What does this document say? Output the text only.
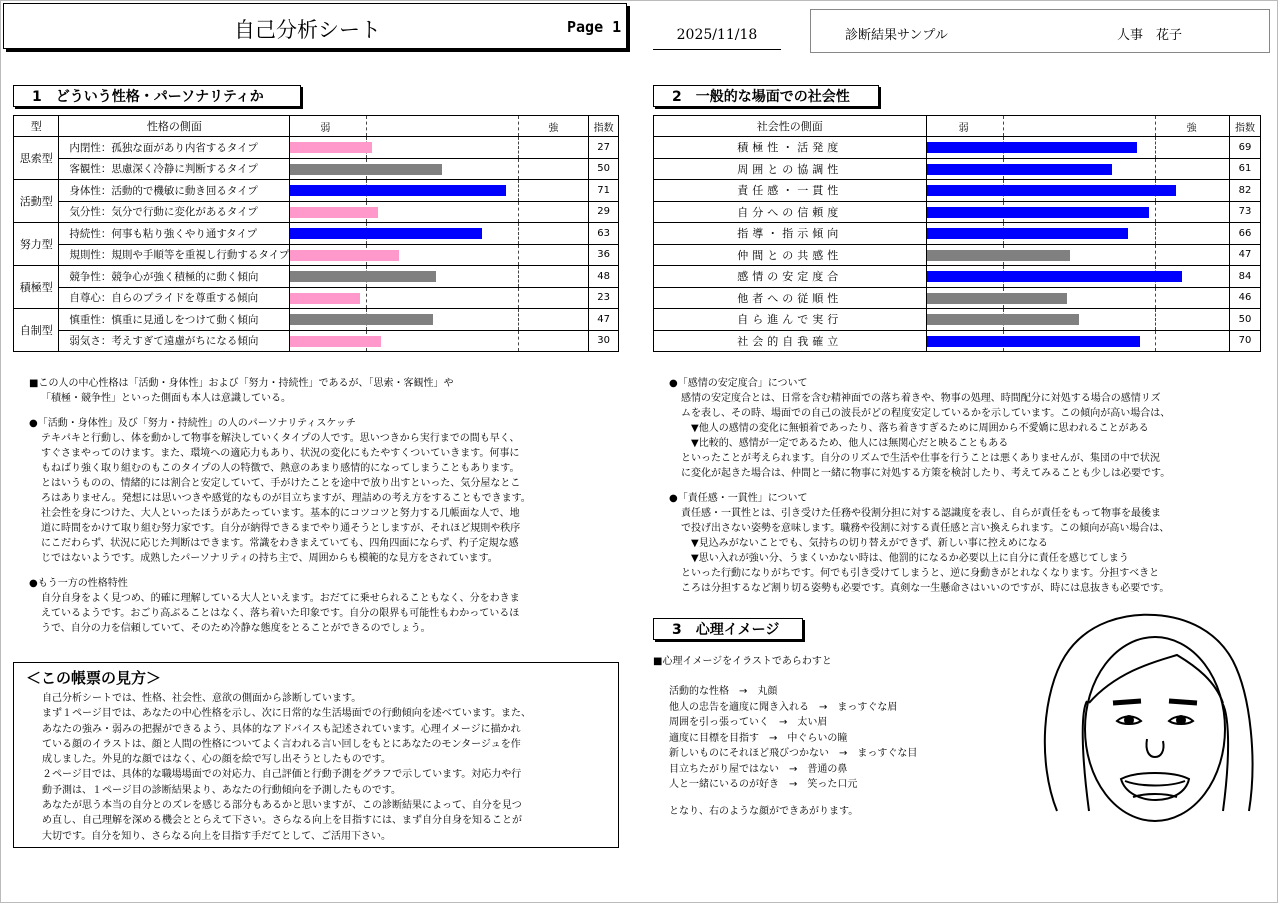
自己分析シート	Page 1	2025/11/18	診断結果サンプル	人事　花子
1　どういう性格・パーソナリティか
型	性格の側面	弱 強	指数
思索型	内閉性：孤独な面があり内省するタイプ		27
	客観性：思慮深く冷静に判断するタイプ		50
活動型	身体性：活動的で機敏に動き回るタイプ		71
	気分性：気分で行動に変化があるタイプ		29
努力型	持続性：何事も粘り強くやり通すタイプ		63
	規則性：規則や手順等を重視し行動するタイプ		36
積極型	競争性：競争心が強く積極的に動く傾向		48
	自尊心：自らのプライドを尊重する傾向		23
自制型	慎重性：慎重に見通しをつけて動く傾向		47
	弱気さ：考えすぎて遠慮がちになる傾向		30
■この人の中心性格は「活動・身体性」および「努力・持続性」であるが、「思索・客観性」や
「積極・競争性」といった側面も本人は意識している。
●「活動・身体性」及び「努力・持続性」の人のパーソナリティスケッチ
テキパキと行動し、体を動かして物事を解決していくタイプの人です。思いつきから実行までの間も早く、
すぐさまやってのけます。また、環境への適応力もあり、状況の変化にもたやすくついていきます。何事に
もねばり強く取り組むのもこのタイプの人の特徴で、熱意のあまり感情的になってしまうこともあります。
とはいうものの、情緒的には割合と安定していて、手がけたことを途中で放り出すといった、気分屋なとこ
ろはありません。発想には思いつきや感覚的なものが目立ちますが、理詰めの考え方をすることもできます。
社会性を身につけた、大人といったほうがあたっています。基本的にコツコツと努力する几帳面な人で、地
道に時間をかけて取り組む努力家です。自分が納得できるまでやり通そうとしますが、それほど規則や秩序
にこだわらず、状況に応じた判断はできます。常識をわきまえていても、四角四面にならず、杓子定規な感
じではないようです。成熟したパーソナリティの持ち主で、周囲からも模範的な見方をされています。
●もう一方の性格特性
自分自身をよく見つめ、的確に理解している大人といえます。おだてに乗せられることもなく、分をわきま
えているようです。おごり高ぶることはなく、落ち着いた印象です。自分の限界も可能性もわかっているほ
うで、自分の力を信頼していて、そのため冷静な態度をとることができるのでしょう。
＜この帳票の見方＞
自己分析シートでは、性格、社会性、意欲の側面から診断しています。
まず１ページ目では、あなたの中心性格を示し、次に日常的な生活場面での行動傾向を述べています。また、
あなたの強み・弱みの把握ができるよう、具体的なアドバイスも記述されています。心理イメージに描かれ
ている顔のイラストは、顔と人間の性格についてよく言われる言い回しをもとにあなたのモンタージュを作
成しました。外見的な顔ではなく、心の顔を絵で写し出そうとしたものです。
２ページ目では、具体的な職場場面での対応力、自己評価と行動予測をグラフで示しています。対応力や行
動予測は、１ページ目の診断結果より、あなたの行動傾向を予測したものです。
あなたが思う本当の自分とのズレを感じる部分もあるかと思いますが、この診断結果によって、自分を見つ
め直し、自己理解を深める機会ととらえて下さい。さらなる向上を目指すには、まず自分自身を知ることが
大切です。自分を知り、さらなる向上を目指す手だてとして、ご活用下さい。
2　一般的な場面での社会性
社会性の側面	弱 強	指数
積極性・活発度		69
周囲との協調性		61
責任感・一貫性		82
自分への信頼度		73
指導・指示傾向		66
仲間との共感性		47
感情の安定度合		84
他者への従順性		46
自ら進んで実行		50
社会的自我確立		70
●「感情の安定度合」について
感情の安定度合とは、日常を含む精神面での落ち着きや、物事の処理、時間配分に対処する場合の感情リズ
ムを表し、その時、場面での自己の波長がどの程度安定しているかを示しています。この傾向が高い場合は、
　▼他人の感情の変化に無頓着であったり、落ち着きすぎるために周囲から不愛嬌に思われることがある
　▼比較的、感情が一定であるため、他人には無関心だと映ることもある
といったことが考えられます。自分のリズムで生活や仕事を行うことは悪くありませんが、集団の中で状況
に変化が起きた場合は、仲間と一緒に物事に対処する方策を検討したり、考えてみることも少しは必要です。
●「責任感・一貫性」について
責任感・一貫性とは、引き受けた任務や役割分担に対する認識度を表し、自らが責任をもって物事を最後ま
で投げ出さない姿勢を意味します。職務や役割に対する責任感と言い換えられます。この傾向が高い場合は、
　▼見込みがないことでも、気持ちの切り替えができず、新しい事に控えめになる
　▼思い入れが強い分、うまくいかない時は、他罰的になるか必要以上に自分に責任を感じてしまう
といった行動になりがちです。何でも引き受けてしまうと、逆に身動きがとれなくなります。分担すべきと
ころは分担するなど割り切る姿勢も必要です。真剣な一生懸命さはいいのですが、時には息抜きも必要です。
3　心理イメージ
■心理イメージをイラストであらわすと
活動的な性格　→　丸顔
他人の忠告を適度に聞き入れる　→　まっすぐな眉
周囲を引っ張っていく　→　太い眉
適度に目標を目指す　→　中ぐらいの瞳
新しいものにそれほど飛びつかない　→　まっすぐな目
目立ちたがり屋ではない　→　普通の鼻
人と一緒にいるのが好き　→　笑った口元
となり、右のような顔ができあがります。
